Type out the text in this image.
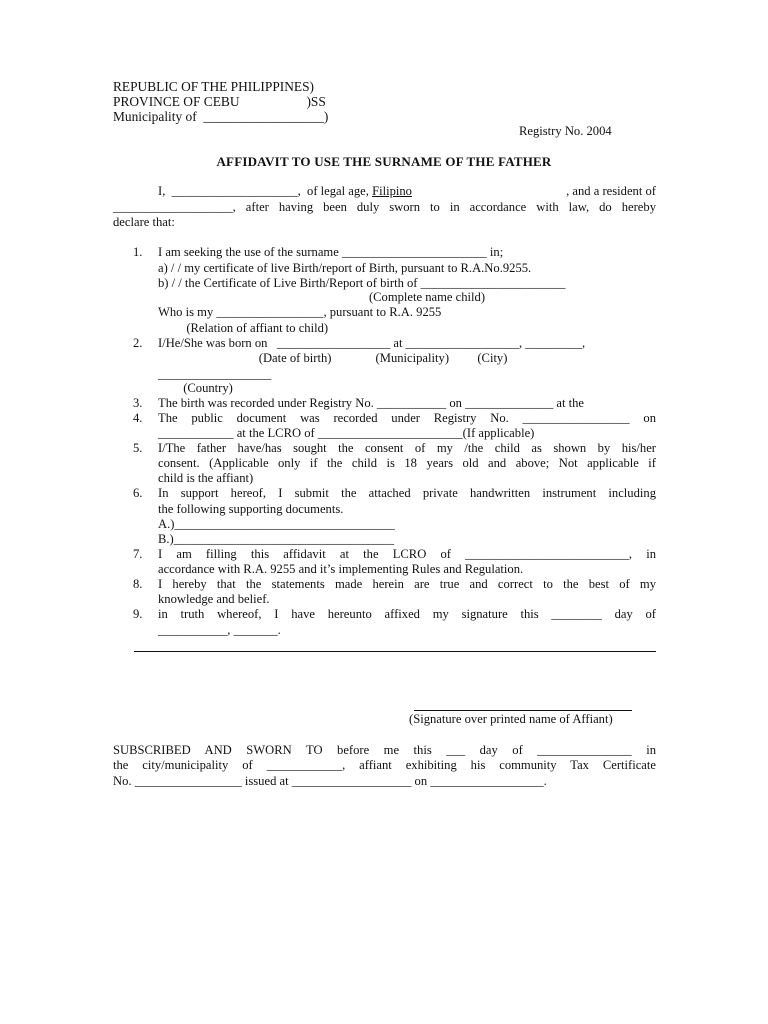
REPUBLIC OF THE PHILIPPINES)

PROVINCE OF CEBU                    )SS

Municipality of  __________________)

Registry No. 2004

AFFIDAVIT TO USE THE SURNAME OF THE FATHER

I,  ____________________,  of legal age, Filipino	, and a resident of

___________________, after having been duly sworn to in accordance with law, do hereby

declare that:

1. I am seeking the use of the surname _______________________ in;

a) / / my certificate of live Birth/report of Birth, pursuant to R.A.No.9255.

b) / / the Certificate of Live Birth/Report of birth of _______________________

(Complete name child)

Who is my _________________, pursuant to R.A. 9255

(Relation of affiant to child)

2. I/He/She was born on   __________________ at __________________, _________,

(Date of birth)              (Municipality)         (City)

__________________

(Country)

3. The birth was recorded under Registry No. ___________ on ______________ at the

4. The public document was recorded under Registry No. _________________ on

____________ at the LCRO of _______________________(If applicable)

5. I/The father have/has sought the consent of my /the child as shown by his/her

consent. (Applicable only if the child is 18 years old and above; Not applicable if

child is the affiant)

6. In support hereof, I submit the attached private handwritten instrument including

the following supporting documents.

A.)___________________________________

B.)___________________________________

7. I am filling this affidavit at the LCRO of __________________________, in

accordance with R.A. 9255 and it’s implementing Rules and Regulation.

8. I hereby that the statements made herein are true and correct to the best of my

knowledge and belief.

9. in truth whereof, I have hereunto affixed my signature this ________ day of

___________, _______.

(Signature over printed name of Affiant)

SUBSCRIBED AND SWORN TO before me this ___ day of _______________ in

the city/municipality of ____________, affiant exhibiting his community Tax Certificate

No. _________________ issued at ___________________ on __________________.
